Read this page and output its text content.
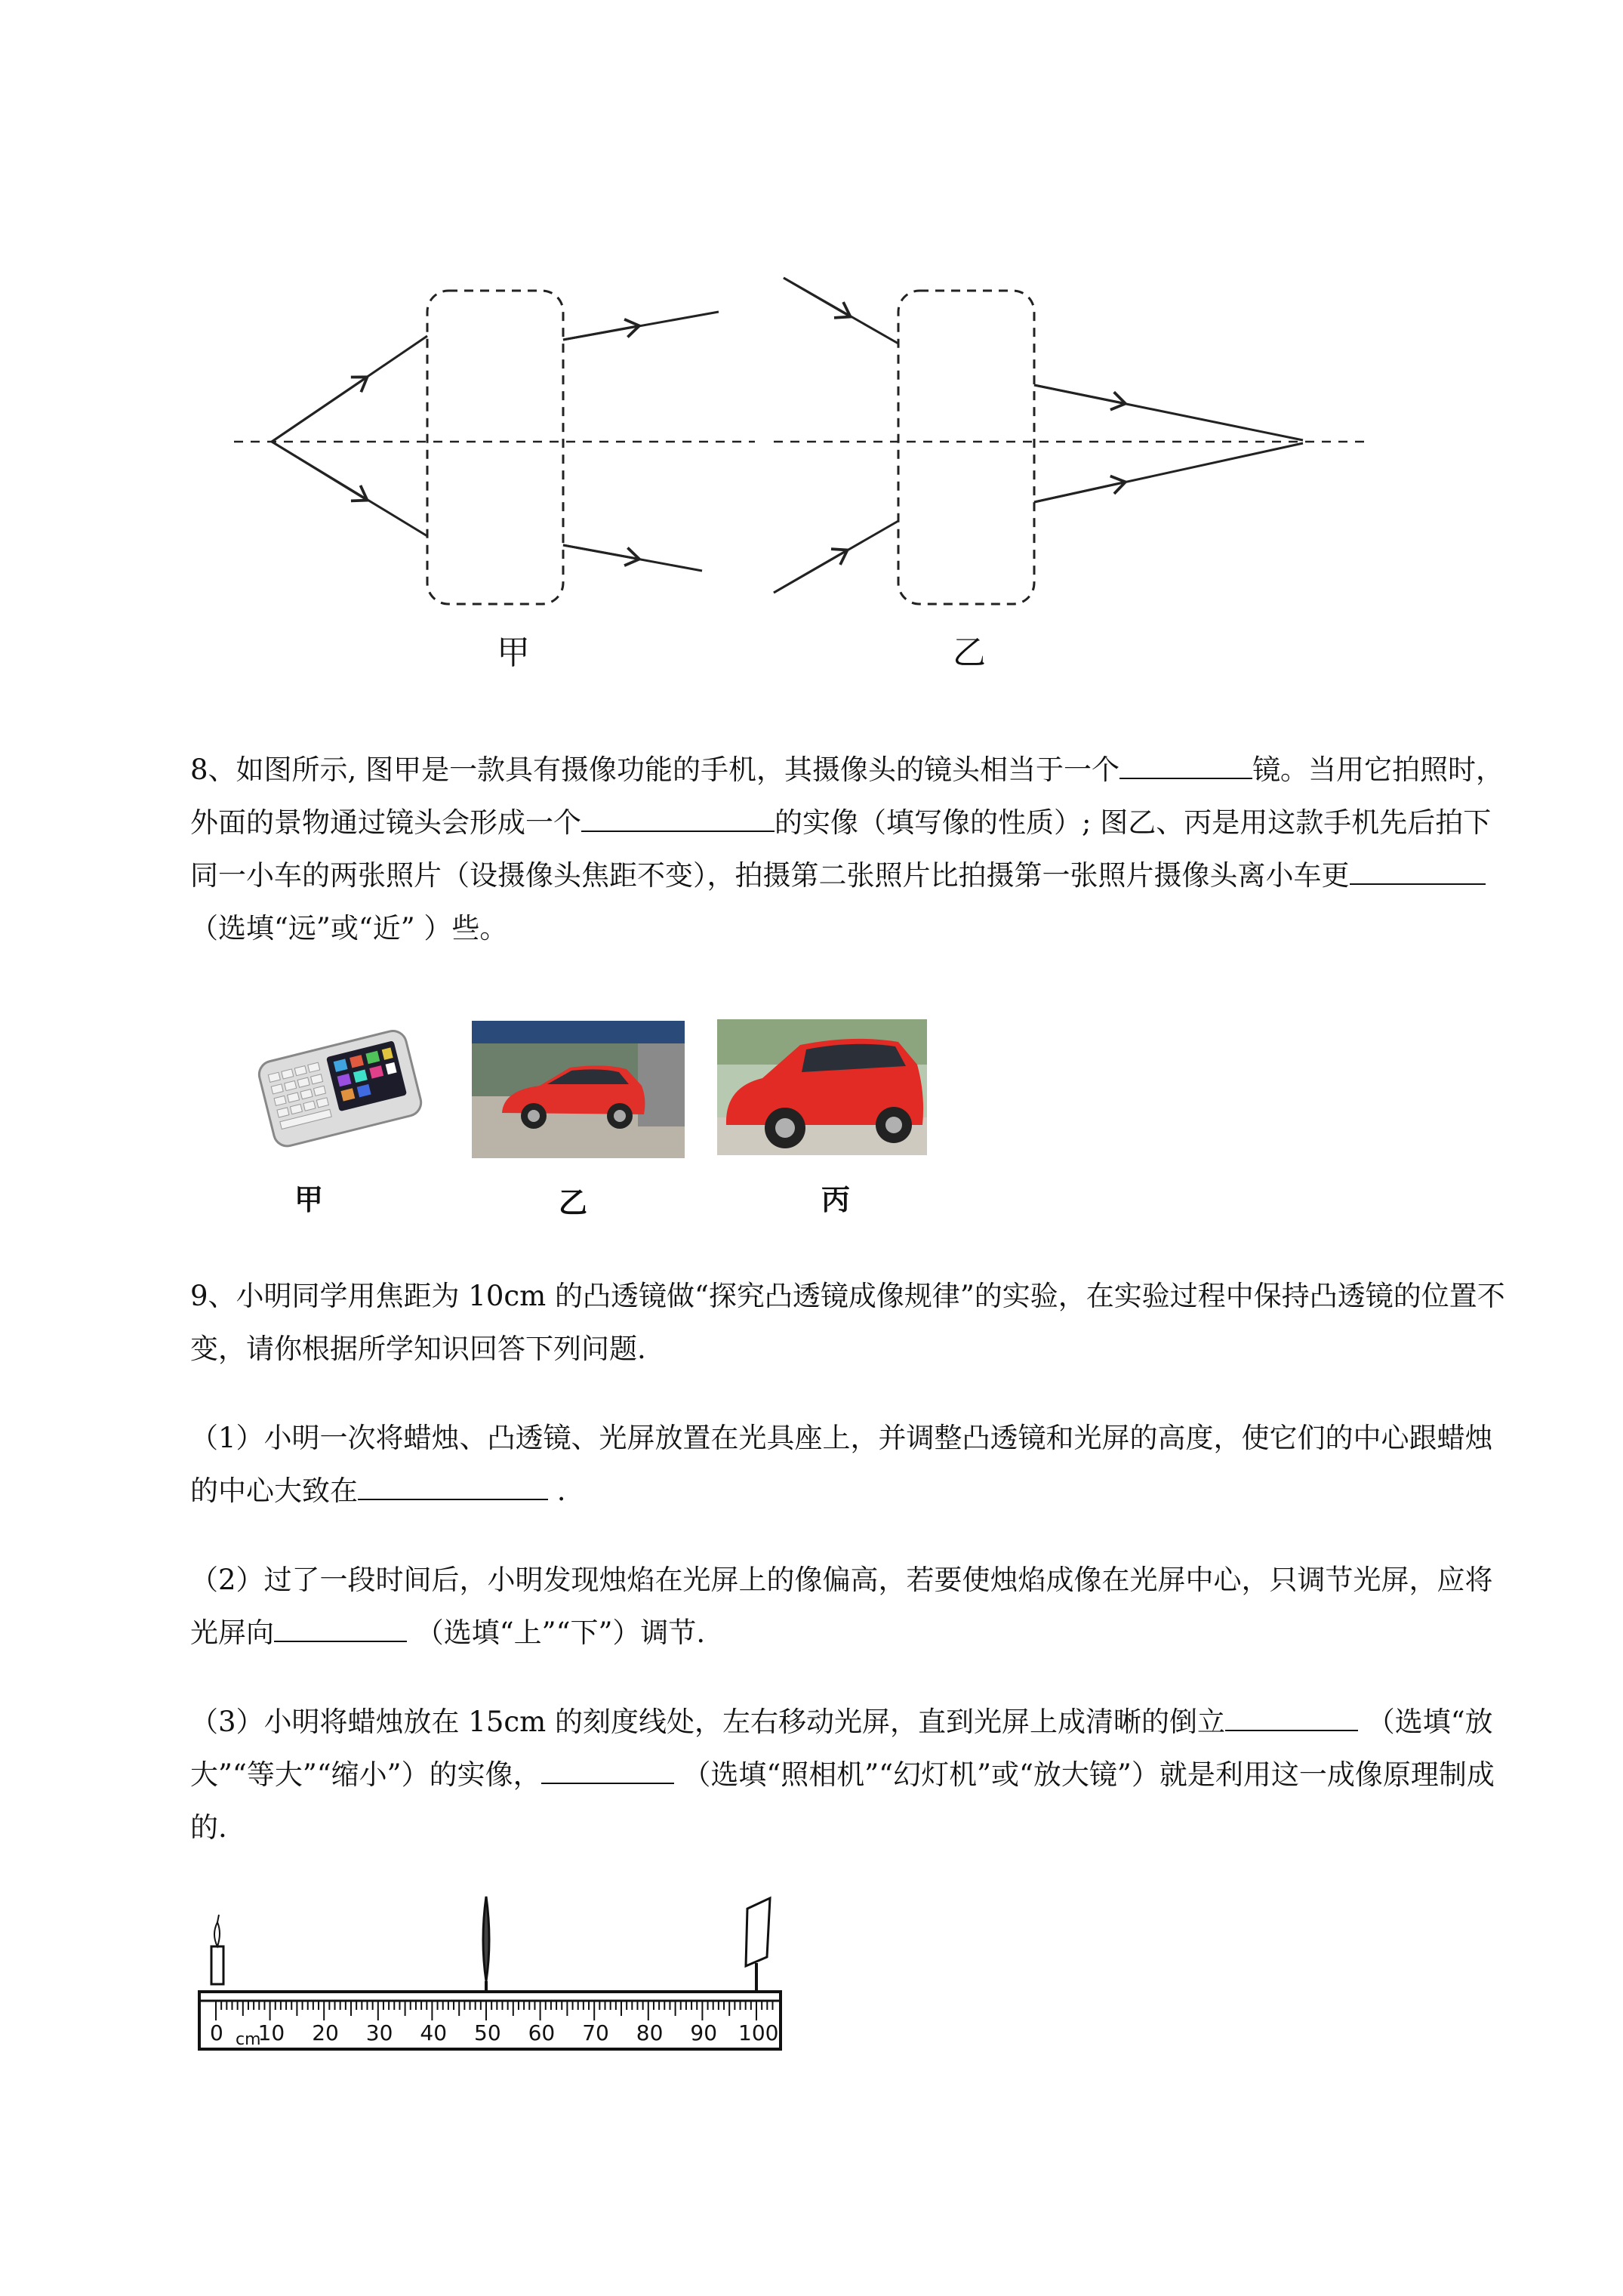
甲	乙

8、如图所示, 图甲是一款具有摄像功能的手机，其摄像头的镜头相当于一个	镜。当用它拍照时，外面的景物通过镜头会形成一个	的实像（填写像的性质）; 图乙、丙是用这款手机先后拍下同一小车的两张照片（设摄像头焦距不变），拍摄第二张照片比拍摄第一张照片摄像头离小车更（选填“远”或“近” ）些。

甲	乙	丙

9、小明同学用焦距为 10cm 的凸透镜做“探究凸透镜成像规律”的实验，在实验过程中保持凸透镜的位置不变，请你根据所学知识回答下列问题.

（1）小明一次将蜡烛、凸透镜、光屏放置在光具座上，并调整凸透镜和光屏的高度，使它们的中心跟蜡烛的中心大致在	.

（2）过了一段时间后，小明发现烛焰在光屏上的像偏高，若要使烛焰成像在光屏中心，只调节光屏，应将光屏向	（选填“上”“下”）调节.

（3）小明将蜡烛放在 15cm 的刻度线处，左右移动光屏，直到光屏上成清晰的倒立	（选填“放大”“等大”“缩小”）的实像，	（选填“照相机”“幻灯机”或“放大镜”）就是利用这一成像原理制成的.

0 10 20 30 40 50 60 70 80 90 100
cm
